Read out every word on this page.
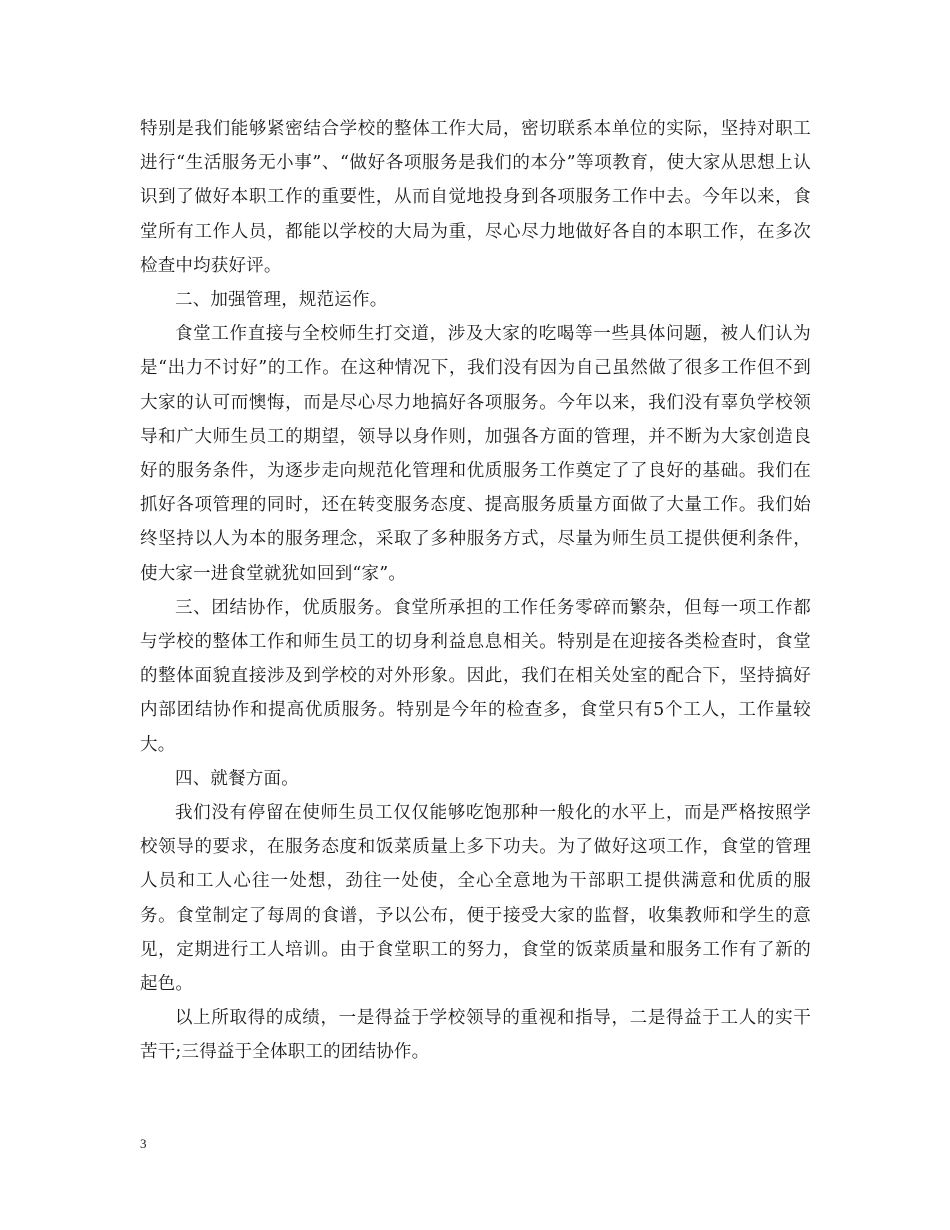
特别是我们能够紧密结合学校的整体工作大局，密切联系本单位的实际，坚持对职工进行“生活服务无小事”、“做好各项服务是我们的本分”等项教育，使大家从思想上认识到了做好本职工作的重要性，从而自觉地投身到各项服务工作中去。今年以来，食堂所有工作人员，都能以学校的大局为重，尽心尽力地做好各自的本职工作，在多次检查中均获好评。

二、加强管理，规范运作。

食堂工作直接与全校师生打交道，涉及大家的吃喝等一些具体问题，被人们认为是“出力不讨好”的工作。在这种情况下，我们没有因为自己虽然做了很多工作但不到大家的认可而懊悔，而是尽心尽力地搞好各项服务。今年以来，我们没有辜负学校领导和广大师生员工的期望，领导以身作则，加强各方面的管理，并不断为大家创造良好的服务条件，为逐步走向规范化管理和优质服务工作奠定了了良好的基础。我们在抓好各项管理的同时，还在转变服务态度、提高服务质量方面做了大量工作。我们始终坚持以人为本的服务理念，采取了多种服务方式，尽量为师生员工提供便利条件，使大家一进食堂就犹如回到“家”。

三、团结协作，优质服务。食堂所承担的工作任务零碎而繁杂，但每一项工作都与学校的整体工作和师生员工的切身利益息息相关。特别是在迎接各类检查时，食堂的整体面貌直接涉及到学校的对外形象。因此，我们在相关处室的配合下，坚持搞好内部团结协作和提高优质服务。特别是今年的检查多，食堂只有5个工人，工作量较大。

四、就餐方面。

我们没有停留在使师生员工仅仅能够吃饱那种一般化的水平上，而是严格按照学校领导的要求，在服务态度和饭菜质量上多下功夫。为了做好这项工作，食堂的管理人员和工人心往一处想，劲往一处使，全心全意地为干部职工提供满意和优质的服务。食堂制定了每周的食谱，予以公布，便于接受大家的监督，收集教师和学生的意见，定期进行工人培训。由于食堂职工的努力，食堂的饭菜质量和服务工作有了新的起色。

以上所取得的成绩，一是得益于学校领导的重视和指导，二是得益于工人的实干苦干;三得益于全体职工的团结协作。

3
